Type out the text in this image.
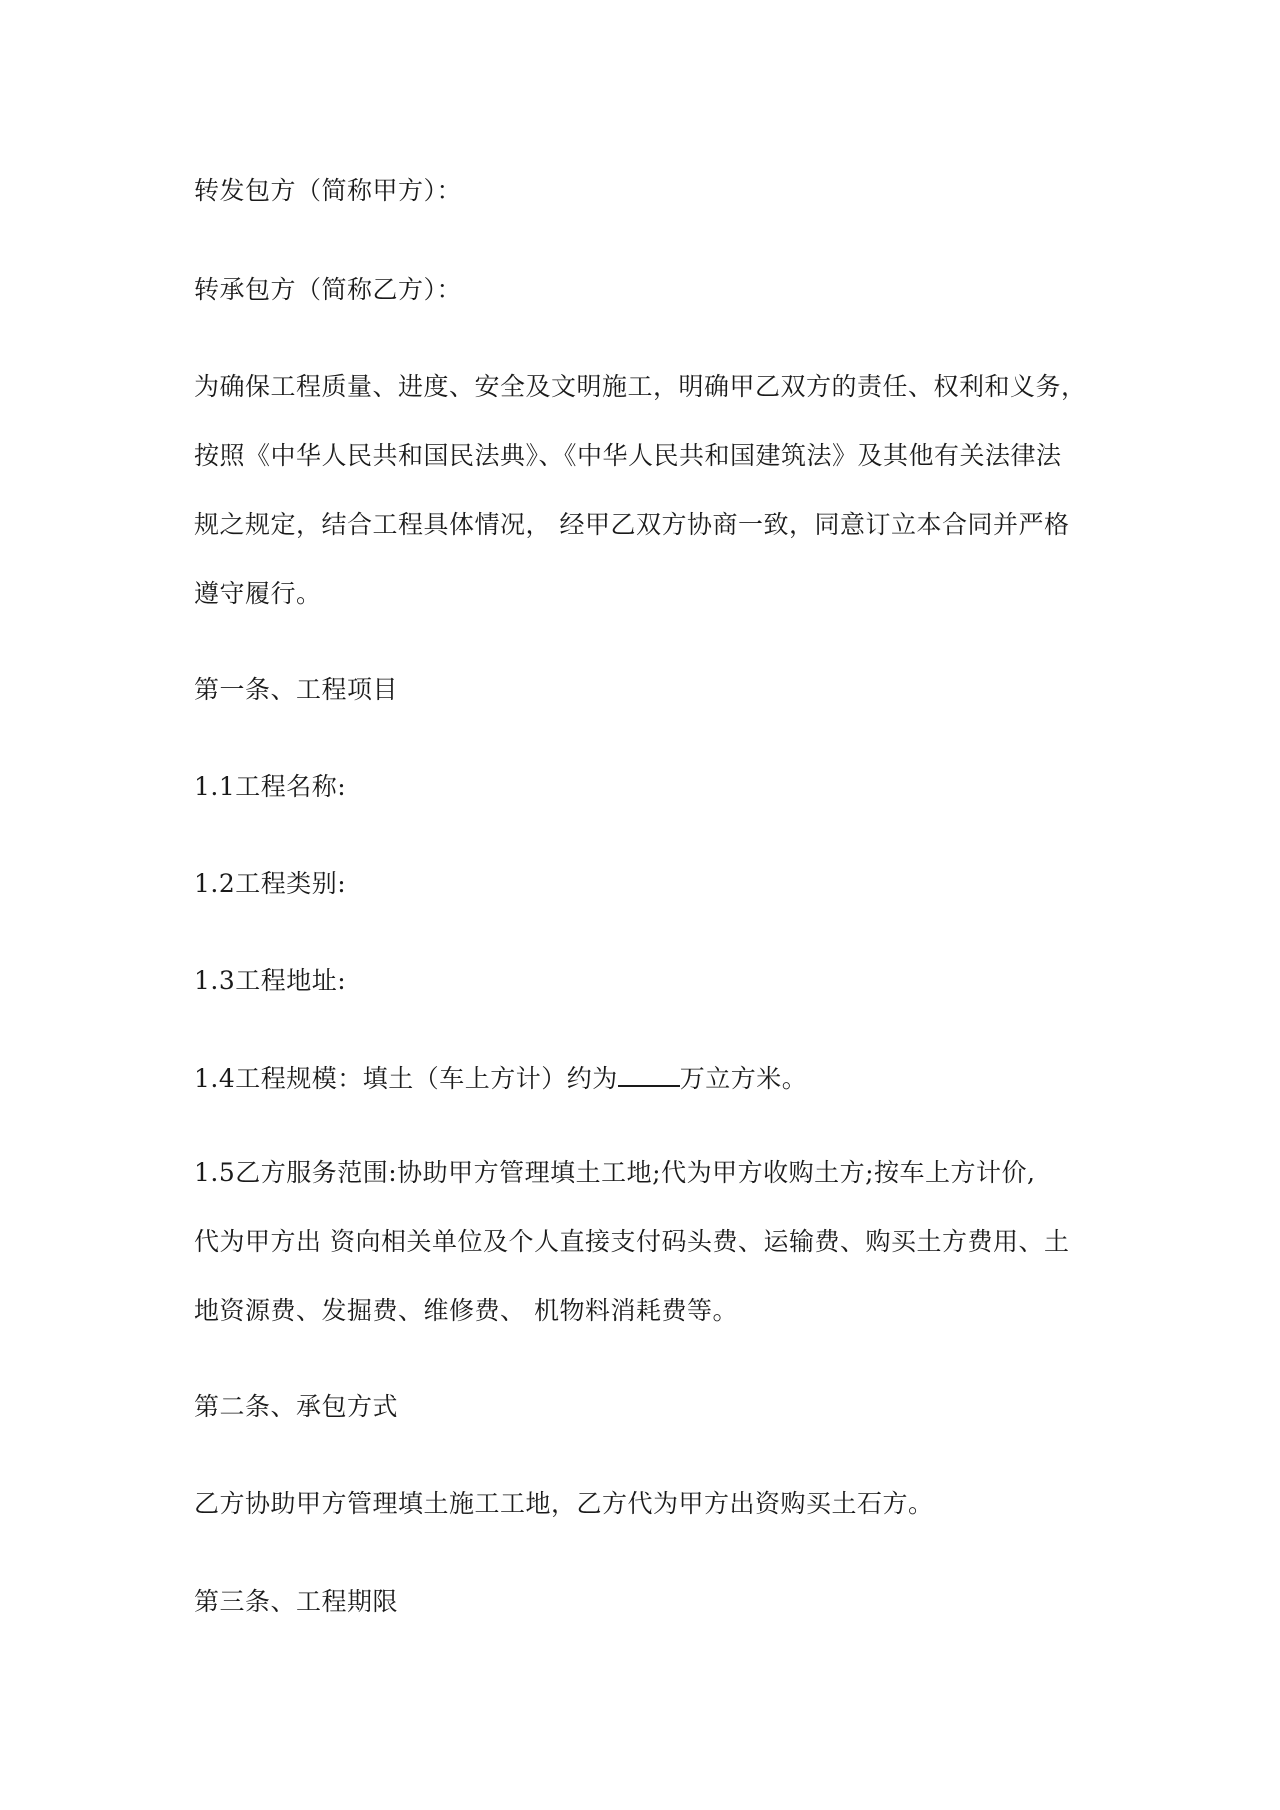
转发包方（简称甲方）：
转承包方（简称乙方）：
为确保工程质量、进度、安全及文明施工，明确甲乙双方的责任、权利和义务，
按照《中华人民共和国民法典》、《中华人民共和国建筑法》及其他有关法律法
规之规定，结合工程具体情况， 经甲乙双方协商一致，同意订立本合同并严格
遵守履行。
第一条、工程项目
1.1工程名称:
1.2工程类别:
1.3工程地址:
1.4工程规模：填土（车上方计）约为 万立方米。
1.5乙方服务范围:协助甲方管理填土工地;代为甲方收购土方;按车上方计价,
代为甲方出 资向相关单位及个人直接支付码头费、运输费、购买土方费用、土
地资源费、发掘费、维修费、 机物料消耗费等。
第二条、承包方式
乙方协助甲方管理填土施工工地，乙方代为甲方出资购买土石方。
第三条、工程期限
